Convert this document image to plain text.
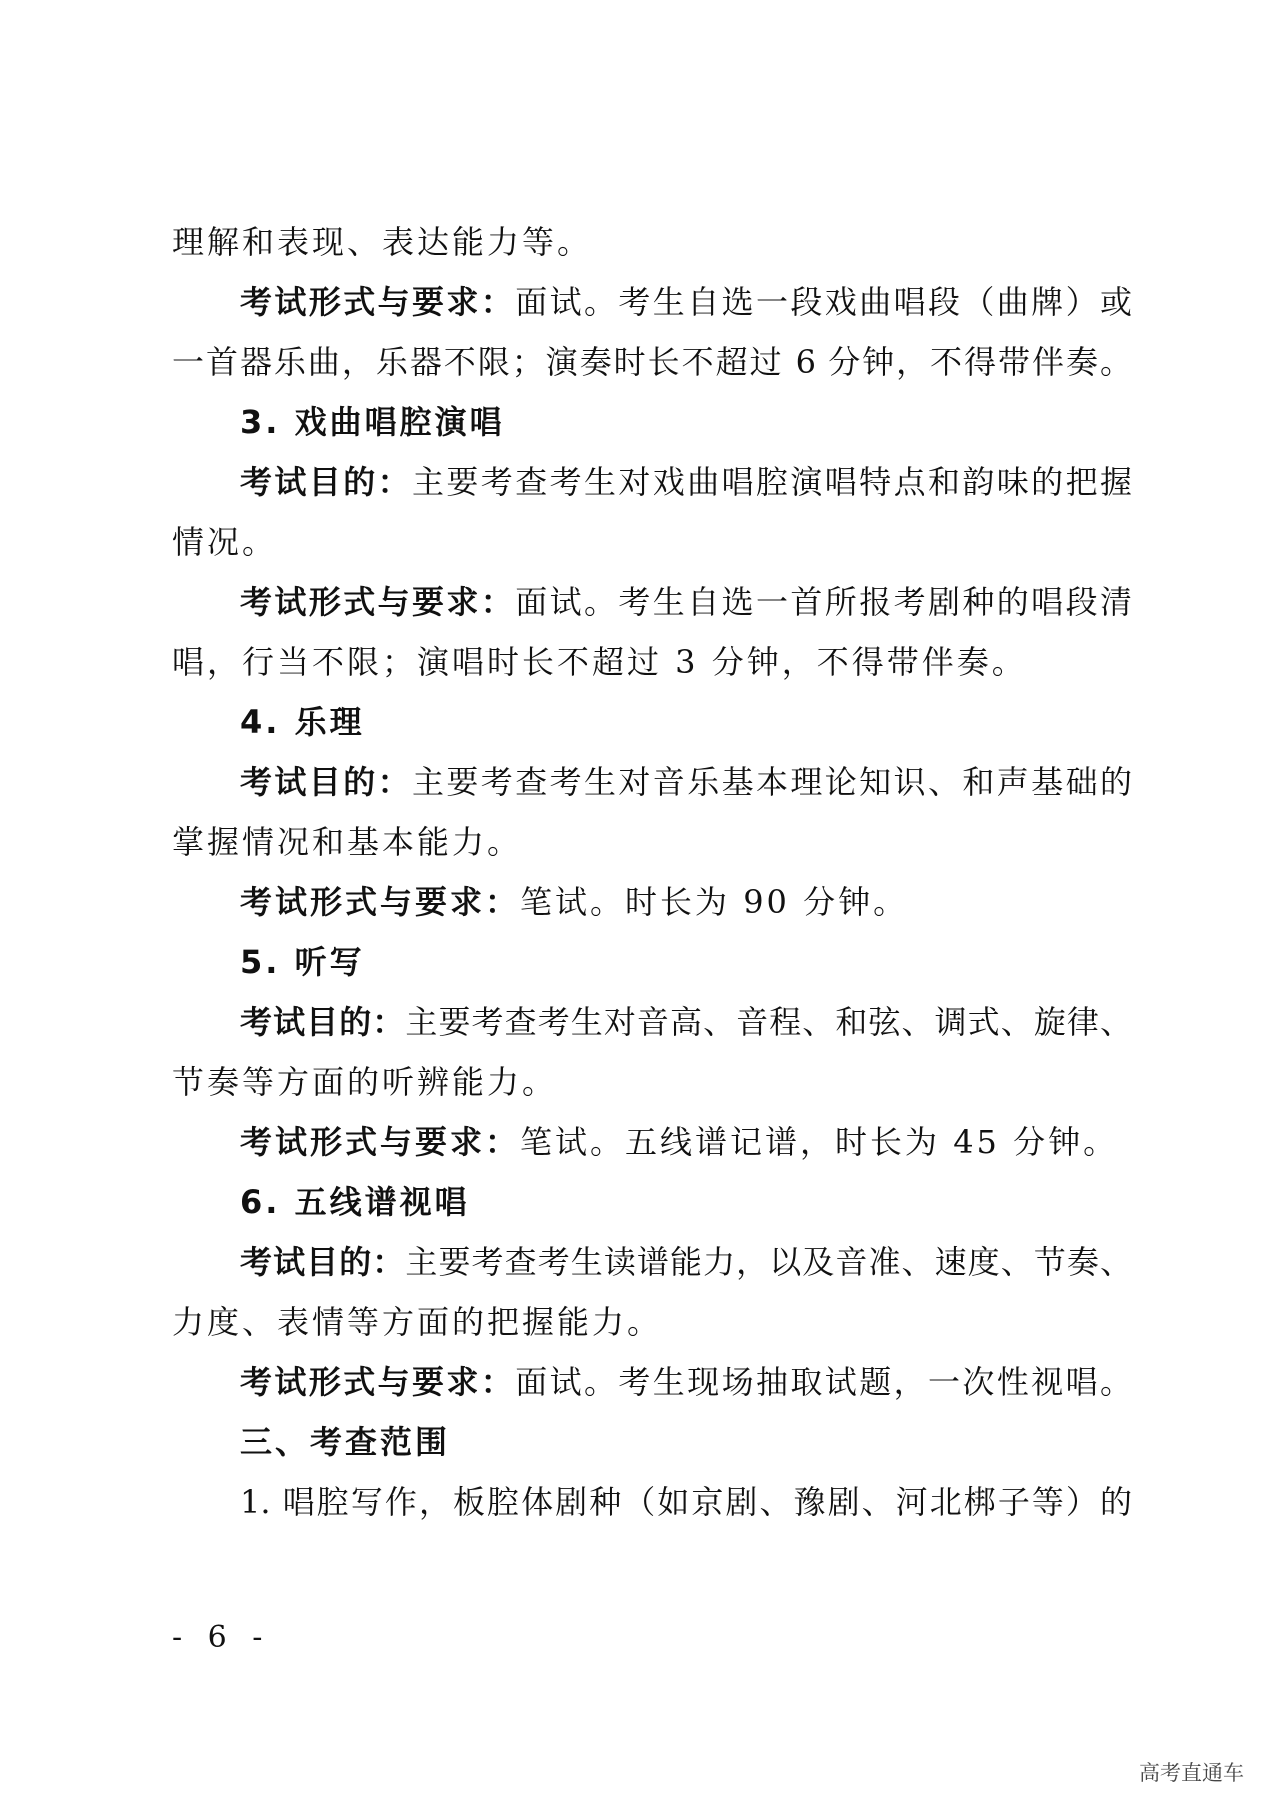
理解和表现、表达能力等。
考试形式与要求：面试。考生自选一段戏曲唱段（曲牌）或
一首器乐曲，乐器不限；演奏时长不超过 6 分钟，不得带伴奏。
3. 戏曲唱腔演唱
考试目的：主要考查考生对戏曲唱腔演唱特点和韵味的把握
情况。
考试形式与要求：面试。考生自选一首所报考剧种的唱段清
唱，行当不限；演唱时长不超过 3 分钟，不得带伴奏。
4. 乐理
考试目的：主要考查考生对音乐基本理论知识、和声基础的
掌握情况和基本能力。
考试形式与要求：笔试。时长为 90 分钟。
5. 听写
考试目的：主要考查考生对音高、音程、和弦、调式、旋律、
节奏等方面的听辨能力。
考试形式与要求：笔试。五线谱记谱，时长为 45 分钟。
6. 五线谱视唱
考试目的：主要考查考生读谱能力，以及音准、速度、节奏、
力度、表情等方面的把握能力。
考试形式与要求：面试。考生现场抽取试题，一次性视唱。
三、考查范围
1. 唱腔写作，板腔体剧种（如京剧、豫剧、河北梆子等）的
- 6 -
高考直通车
